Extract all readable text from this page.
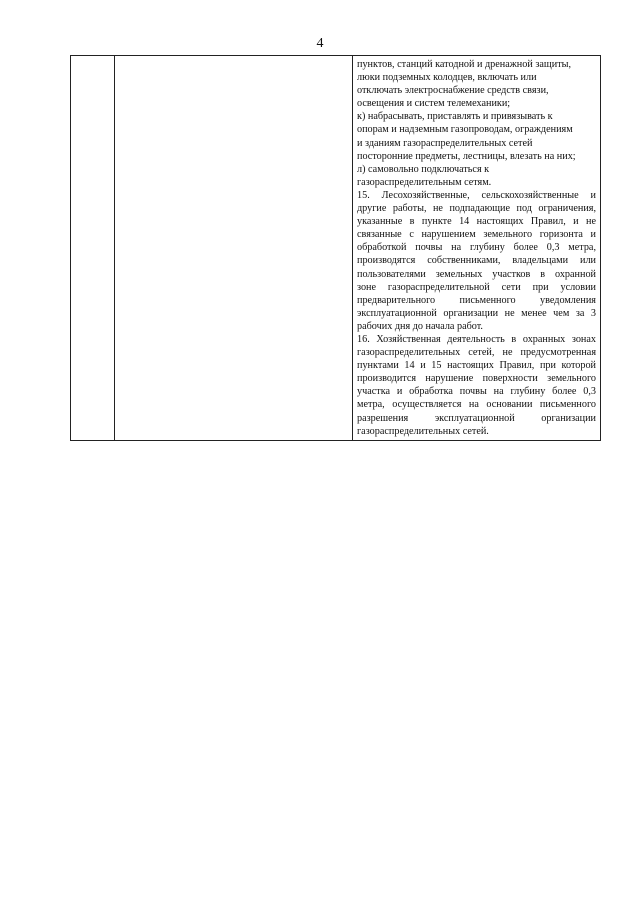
4

пунктов, станций катодной и дренажной защиты,
люки подземных колодцев, включать или
отключать электроснабжение средств связи,
освещения и систем телемеханики;
к) набрасывать, приставлять и привязывать к
опорам и надземным газопроводам, ограждениям
и зданиям газораспределительных сетей
посторонние предметы, лестницы, влезать на них;
л) самовольно подключаться к
газораспределительным сетям.
15. Лесохозяйственные, сельскохозяйственные и
другие работы, не подпадающие под ограничения,
указанные в пункте 14 настоящих Правил, и не
связанные с нарушением земельного горизонта и
обработкой почвы на глубину более 0,3 метра,
производятся собственниками, владельцами или
пользователями земельных участков в охранной
зоне газораспределительной сети при условии
предварительного письменного уведомления
эксплуатационной организации не менее чем за 3
рабочих дня до начала работ.
16. Хозяйственная деятельность в охранных зонах
газораспределительных сетей, не предусмотренная
пунктами 14 и 15 настоящих Правил, при которой
производится нарушение поверхности земельного
участка и обработка почвы на глубину более 0,3
метра, осуществляется на основании письменного
разрешения эксплуатационной организации
газораспределительных сетей.
